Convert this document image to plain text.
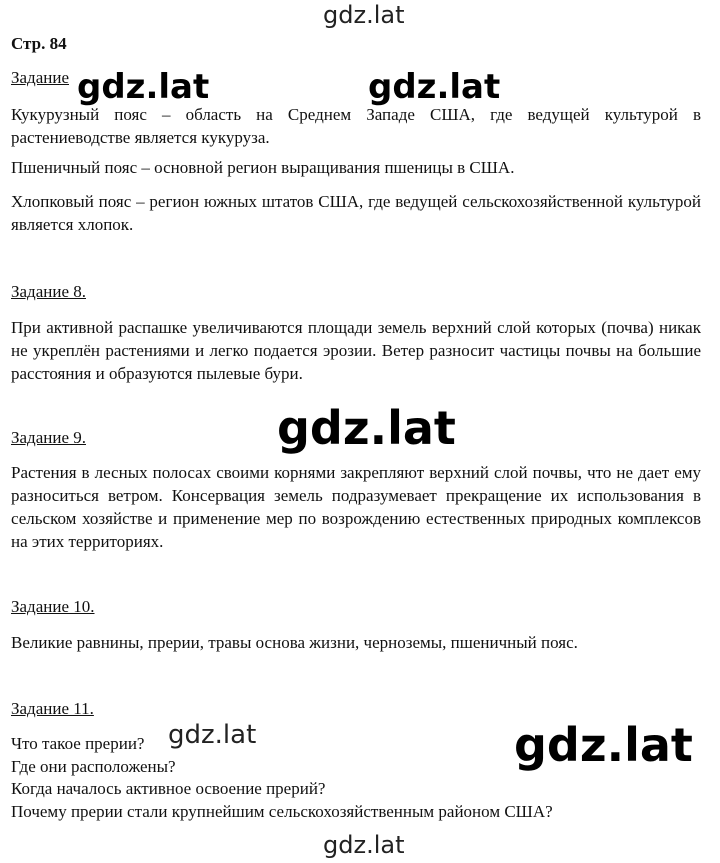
gdz.lat
Стр. 84
Задание gdz.lat	gdz.lat
Кукурузный пояс – область на Среднем Западе США, где ведущей культурой в растениеводстве является кукуруза.
Пшеничный пояс – основной регион выращивания пшеницы в США.
Хлопковый пояс – регион южных штатов США, где ведущей сельскохозяйственной культурой является хлопок.
Задание 8.
При активной распашке увеличиваются площади земель верхний слой которых (почва) никак не укреплён растениями и легко подается эрозии. Ветер разносит частицы почвы на большие расстояния и образуются пылевые бури.
gdz.lat
Задание 9.
Растения в лесных полосах своими корнями закрепляют верхний слой почвы, что не дает ему разноситься ветром. Консервация земель подразумевает прекращение их использования в сельском хозяйстве и применение мер по возрождению естественных природных комплексов на этих территориях.
Задание 10.
Великие равнины, прерии, травы основа жизни, черноземы, пшеничный пояс.
Задание 11.
Что такое прерии? gdz.lat	gdz.lat
Где они расположены?
Когда началось активное освоение прерий?
Почему прерии стали крупнейшим сельскохозяйственным районом США?
gdz.lat
